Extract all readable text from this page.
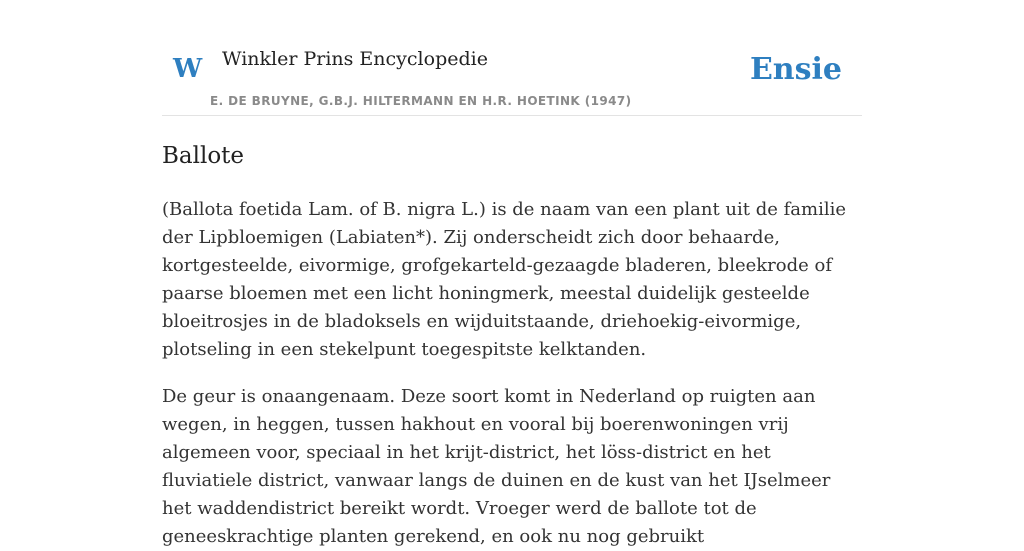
W Winkler Prins Encyclopedie
E. DE BRUYNE, G.B.J. HILTERMANN EN H.R. HOETINK (1947)
Ensie
Ballote

(Ballota foetida Lam. of B. nigra L.) is de naam van een plant uit de familie der Lipbloemigen (Labiaten*). Zij onderscheidt zich door behaarde, kortgesteelde, eivormige, grofgekarteld-gezaagde bladeren, bleekrode of paarse bloemen met een licht honingmerk, meestal duidelijk gesteelde bloeitrosjes in de bladoksels en wijduitstaande, driehoekig-eivormige, plotseling in een stekelpunt toegespitste kelktanden.

De geur is onaangenaam. Deze soort komt in Nederland op ruigten aan wegen, in heggen, tussen hakhout en vooral bij boerenwoningen vrij algemeen voor, speciaal in het krijt-district, het löss-district en het fluviatiele district, vanwaar langs de duinen en de kust van het IJselmeer het waddendistrict bereikt wordt. Vroeger werd de ballote tot de geneeskrachtige planten gerekend, en ook nu nog gebruikt
